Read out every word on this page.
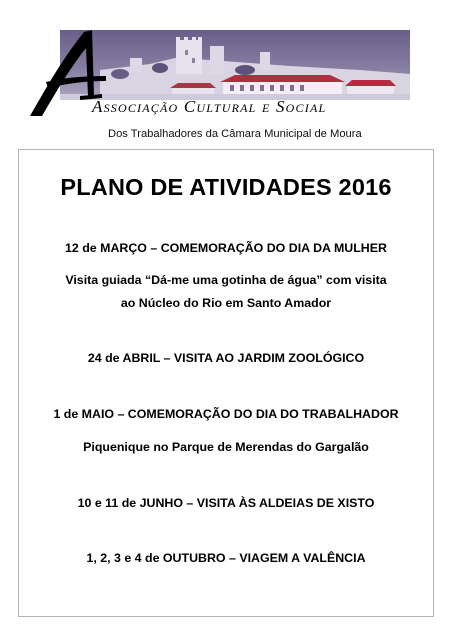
Associação Cultural e Social
Dos Trabalhadores da Câmara Municipal de Moura
PLANO DE ATIVIDADES 2016
12 de MARÇO – COMEMORAÇÃO DO DIA DA MULHER
Visita guiada “Dá-me uma gotinha de água” com visita
ao Núcleo do Rio em Santo Amador
24 de ABRIL – VISITA AO JARDIM ZOOLÓGICO
1 de MAIO – COMEMORAÇÃO DO DIA DO TRABALHADOR
Piquenique no Parque de Merendas do Gargalão
10 e 11 de JUNHO – VISITA ÀS ALDEIAS DE XISTO
1, 2, 3 e 4 de OUTUBRO – VIAGEM A VALÊNCIA
